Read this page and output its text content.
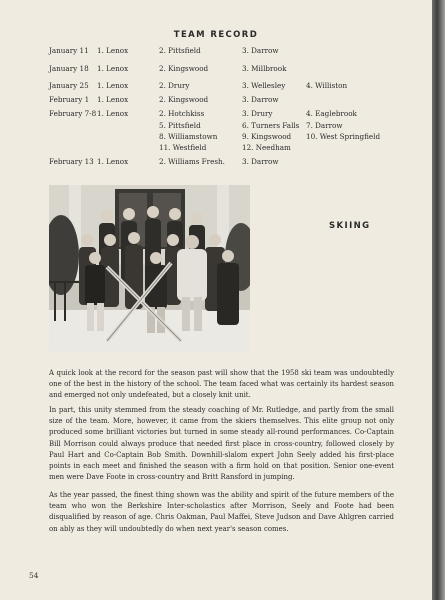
TEAM RECORD
January 11 1. Lenox	2. Pittsfield	3. Darrow
January 18 1. Lenox	2. Kingswood	3. Millbrook
January 25 1. Lenox	2. Drury	3. Wellesley	4. Williston
February 1 1. Lenox	2. Kingswood	3. Darrow
February 7-8 1. Lenox	2. Hotchkiss	3. Drury	4. Eaglebrook
5. Pittsfield	6. Turners Falls 7. Darrow
8. Williamstown	9. Kingswood 10. West Springfield
11. Westfield	12. Needham
February 13 1. Lenox	2. Williams Fresh. 3. Darrow
SKIING
A quick look at the record for the season past will show that the 1958 ski team was undoubtedly one of the best in the history of the school. The team faced what was certainly its hardest season and emerged not only undefeated, but a closely knit unit.
In part, this unity stemmed from the steady coaching of Mr. Rutledge, and partly from the small size of the team. More, however, it came from the skiers themselves. This elite group not only produced some brilliant victories but turned in some steady all-round performances. Co-Captain Bill Morrison could always produce that needed first place in cross-country, followed closely by Paul Hart and Co-Captain Bob Smith. Downhill-slalom expert John Seely added his first-place points in each meet and finished the season with a firm hold on that position. Senior one-event men were Dave Foote in cross-country and Britt Ransford in jumping.
As the year passed, the finest thing shown was the ability and spirit of the future members of the team who won the Berkshire Inter-scholastics after Morrison, Seely and Foote had been disqualified by reason of age. Chris Oakman, Paul Maffei, Steve Judson and Dave Ahlgren carried on ably as they will undoubtedly do when next year's season comes.
54
